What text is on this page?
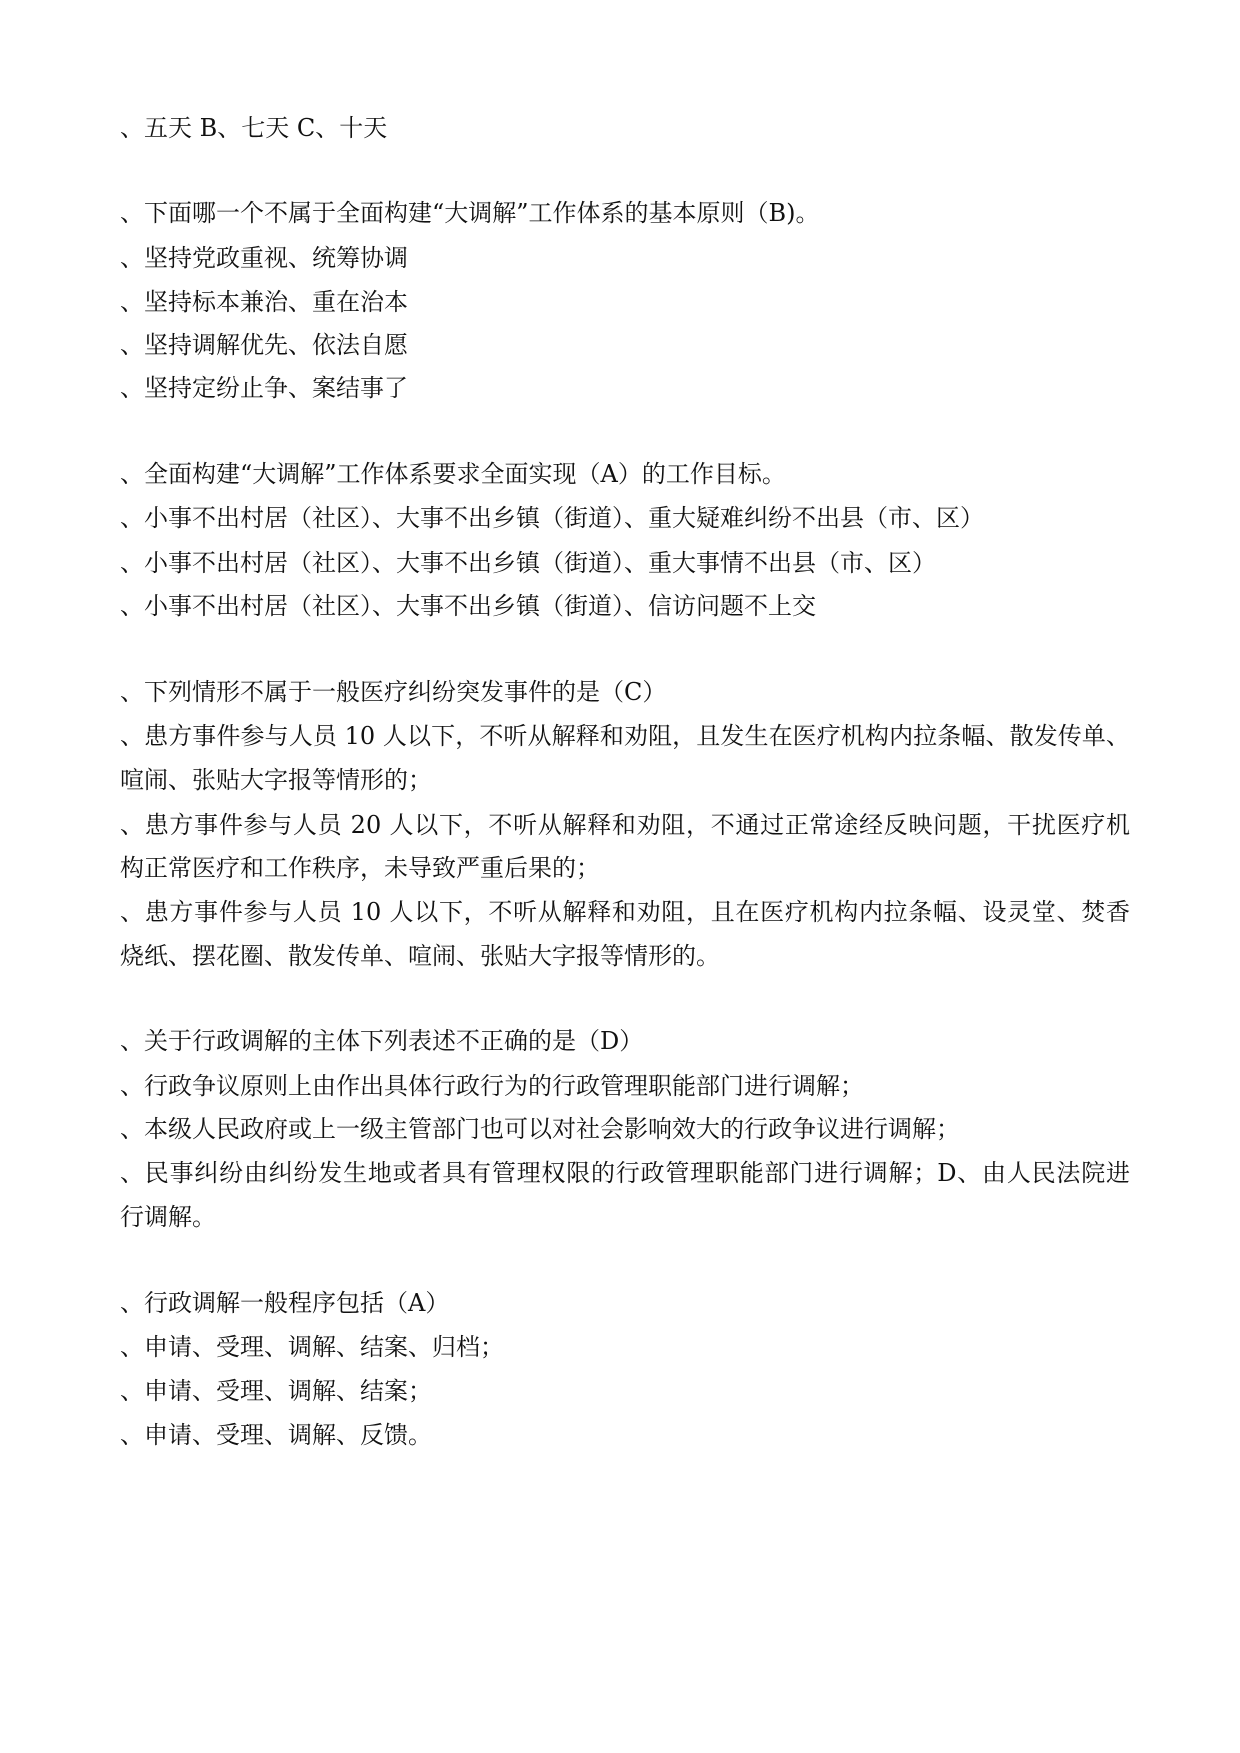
、五天 B、七天 C、十天
、下面哪一个不属于全面构建“大调解”工作体系的基本原则（B)。
、坚持党政重视、统筹协调
、坚持标本兼治、重在治本
、坚持调解优先、依法自愿
、坚持定纷止争、案结事了
、全面构建“大调解”工作体系要求全面实现（A）的工作目标。
、小事不出村居（社区）、大事不出乡镇（街道）、重大疑难纠纷不出县（市、区）
、小事不出村居（社区）、大事不出乡镇（街道）、重大事情不出县（市、区）
、小事不出村居（社区）、大事不出乡镇（街道）、信访问题不上交
、下列情形不属于一般医疗纠纷突发事件的是（C）
、患方事件参与人员 10 人以下，不听从解释和劝阻，且发生在医疗机构内拉条幅、散发传单、
喧闹、张贴大字报等情形的；
、患方事件参与人员 20 人以下，不听从解释和劝阻，不通过正常途经反映问题，干扰医疗机
构正常医疗和工作秩序，未导致严重后果的；
、患方事件参与人员 10 人以下，不听从解释和劝阻，且在医疗机构内拉条幅、设灵堂、焚香
烧纸、摆花圈、散发传单、喧闹、张贴大字报等情形的。
、关于行政调解的主体下列表述不正确的是（D）
、行政争议原则上由作出具体行政行为的行政管理职能部门进行调解；
、本级人民政府或上一级主管部门也可以对社会影响效大的行政争议进行调解；
、民事纠纷由纠纷发生地或者具有管理权限的行政管理职能部门进行调解；D、由人民法院进
行调解。
、行政调解一般程序包括（A）
、申请、受理、调解、结案、归档；
、申请、受理、调解、结案；
、申请、受理、调解、反馈。
